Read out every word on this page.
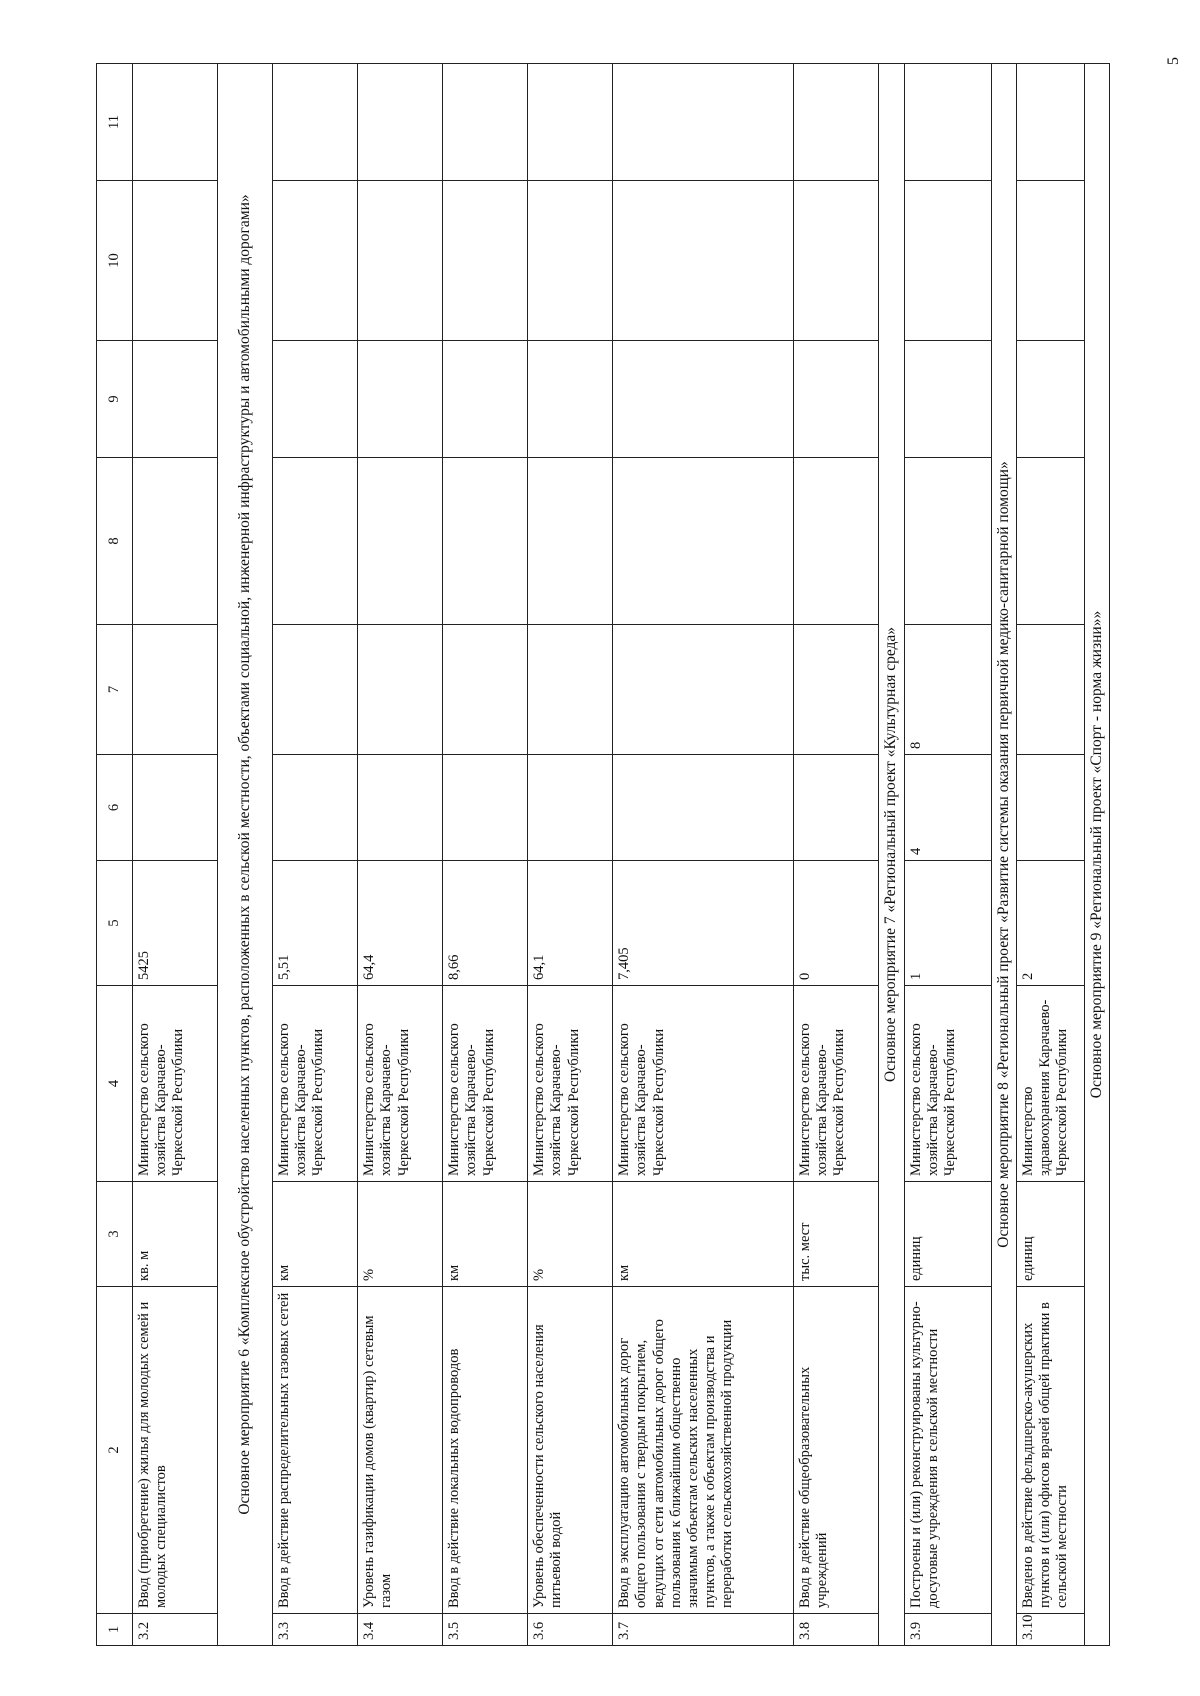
5
1	2	3	4	5	6	7	8	9	10	11
3.2	Ввод (приобретение) жилья для молодых семей и молодых специалистов	кв. м	Министерство сельского хозяйства Карачаево-Черкесской Республики	5425						
Основное мероприятие 6 «Комплексное обустройство населенных пунктов, расположенных в сельской местности, объектами социальной, инженерной инфраструктуры и автомобильными дорогами»										
3.3	Ввод в действие распределительных газовых сетей	км	Министерство сельского хозяйства Карачаево-Черкесской Республики	5,51						
3.4	Уровень газификации домов (квартир) сетевым газом	%	Министерство сельского хозяйства Карачаево-Черкесской Республики	64,4						
3.5	Ввод в действие локальных водопроводов	км	Министерство сельского хозяйства Карачаево-Черкесской Республики	8,66						
3.6	Уровень обеспеченности сельского населения питьевой водой	%	Министерство сельского хозяйства Карачаево-Черкесской Республики	64,1						
3.7	Ввод в эксплуатацию автомобильных дорог общего пользования с твердым покрытием, ведущих от сети автомобильных дорог общего пользования к ближайшим общественно значимым объектам сельских населенных пунктов, а также к объектам производства и переработки сельскохозяйственной продукции	км	Министерство сельского хозяйства Карачаево-Черкесской Республики	7,405						
3.8	Ввод в действие общеобразовательных учреждений	тыс. мест	Министерство сельского хозяйства Карачаево-Черкесской Республики	0						
Основное мероприятие 7 «Региональный проект «Культурная среда»										
3.9	Построены и (или) реконструированы культурно-досуговые учреждения в сельской местности	единиц	Министерство сельского хозяйства Карачаево-Черкесской Республики	1	4	8				
Основное мероприятие 8 «Региональный проект «Развитие системы оказания первичной медико-санитарной помощи»										
3.10	Введено в действие фельдшерско-акушерских пунктов и (или) офисов врачей общей практики в сельской местности	единиц	Министерство здравоохранения Карачаево-Черкесской Республики	2						
Основное мероприятие 9 «Региональный проект «Спорт - норма жизни»»										
